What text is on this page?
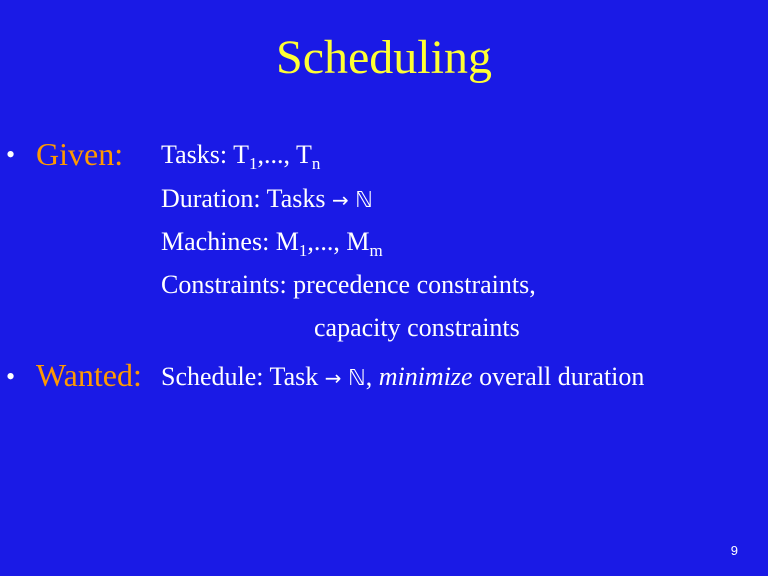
Scheduling
• Given: Tasks: $T_1$,..., $T_n$
Duration: Tasks → ℕ
Machines: $M_1$,..., $M_m$
Constraints: precedence constraints,
capacity constraints
• Wanted: Schedule: Task → ℕ, minimize overall duration
9
